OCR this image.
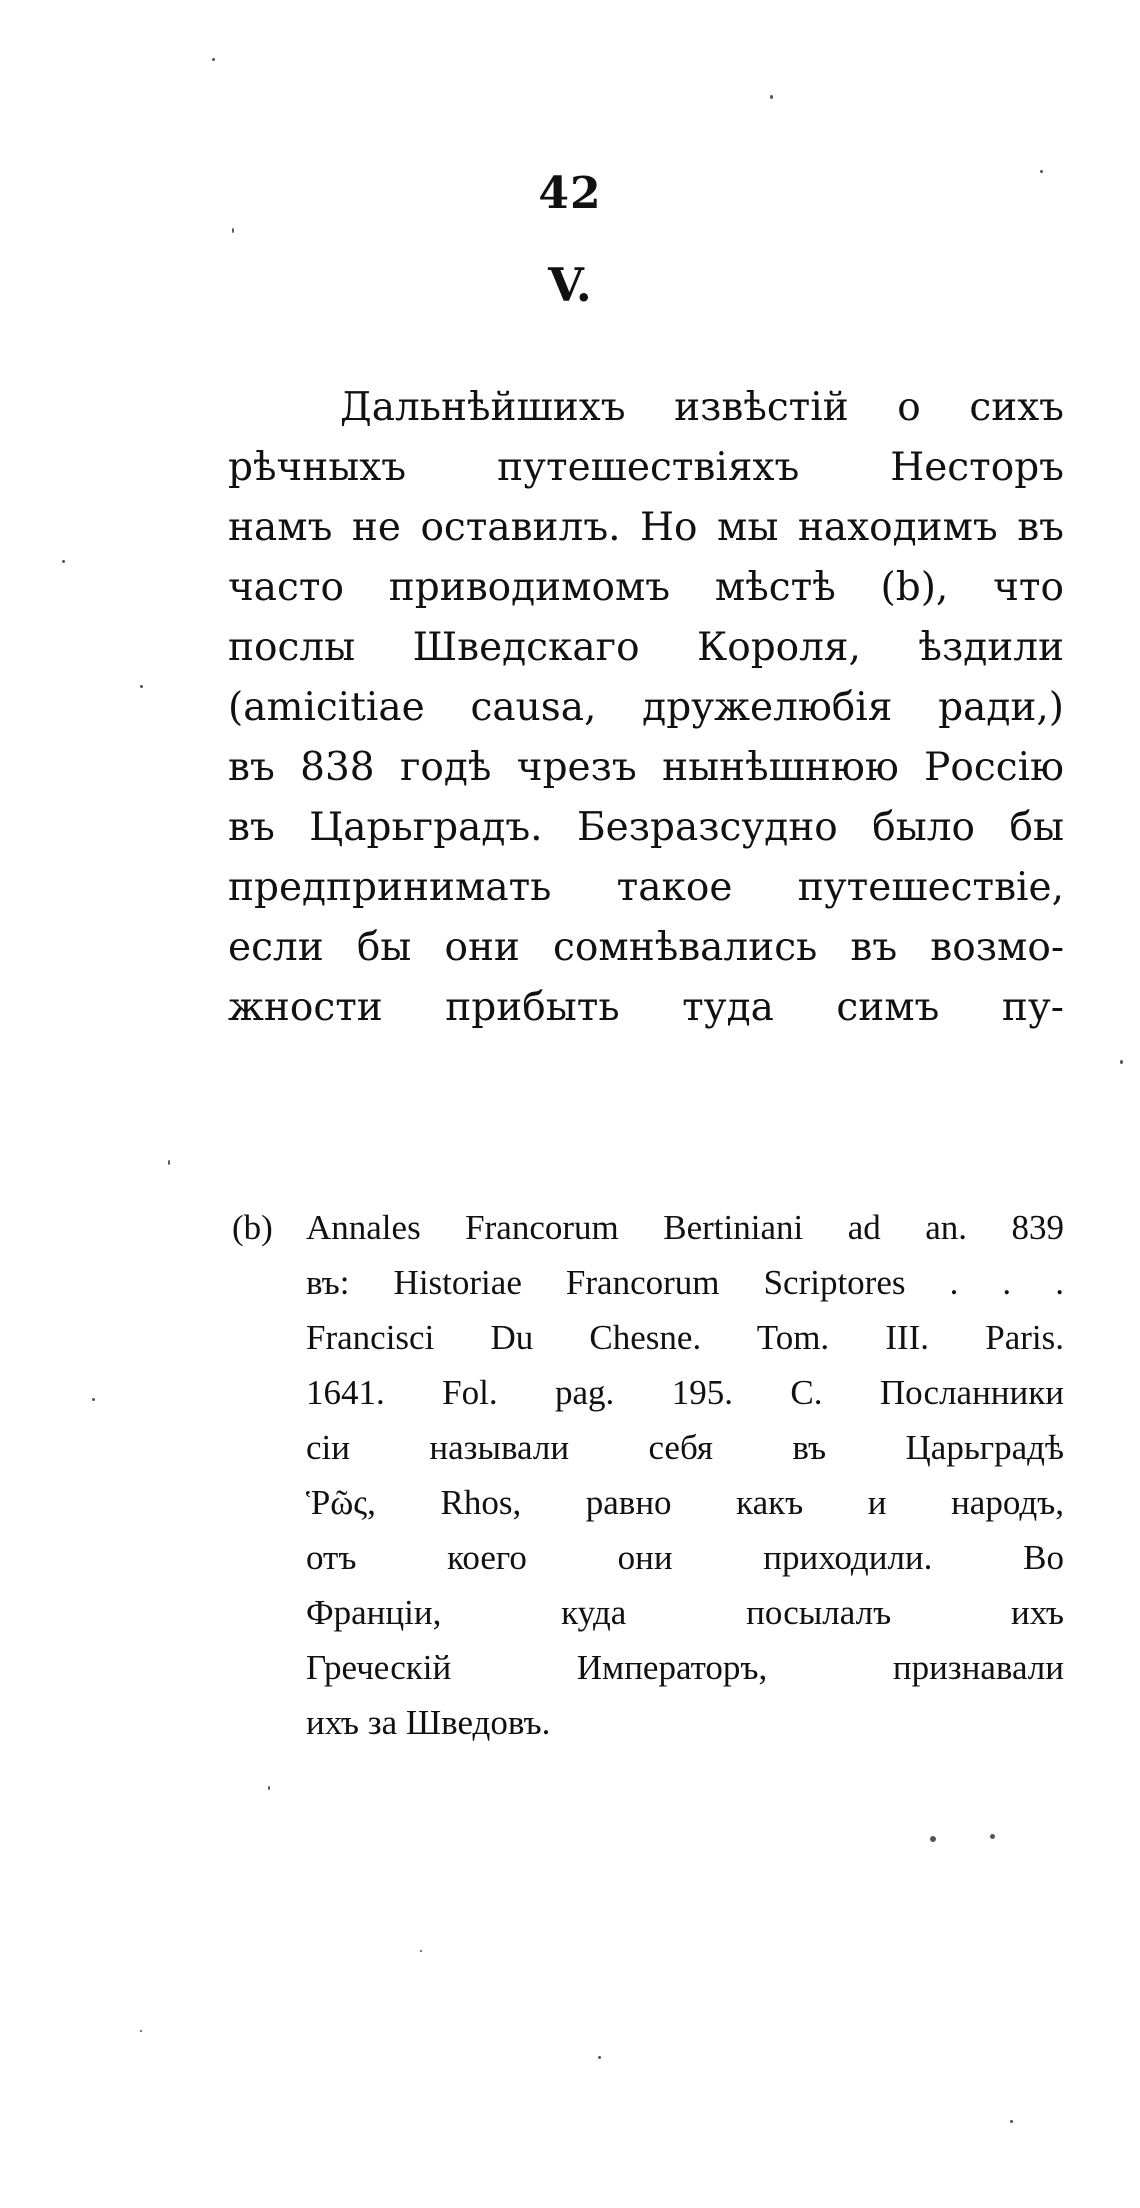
42
V.
Дальнѣйшихъ извѣстій о сихъ
рѣчныхъ путешествіяхъ Несторъ
намъ не оставилъ. Но мы находимъ въ
часто приводимомъ мѣстѣ (b), что
послы Шведскаго Короля, ѣздили
(amicitiae causa, дружелюбія ради,)
въ 838 годѣ чрезъ нынѣшнюю Россію
въ Царьградъ. Безразсудно было бы
предпринимать такое путешествіе,
если бы они сомнѣвались въ возмо-
жности прибыть туда симъ пу-
(b) Annales Francorum Bertiniani ad an. 839
въ: Historiae Francorum Scriptores . . .
Francisci Du Chesne. Tom. III. Paris.
1641. Fol. pag. 195. C. Посланники
сіи называли себя въ Царьградѣ
Ῥῶς, Rhos, равно какъ и народъ,
отъ коего они приходили. Во
Франціи, куда посылалъ ихъ
Греческій Императоръ, признавали
ихъ за Шведовъ.
